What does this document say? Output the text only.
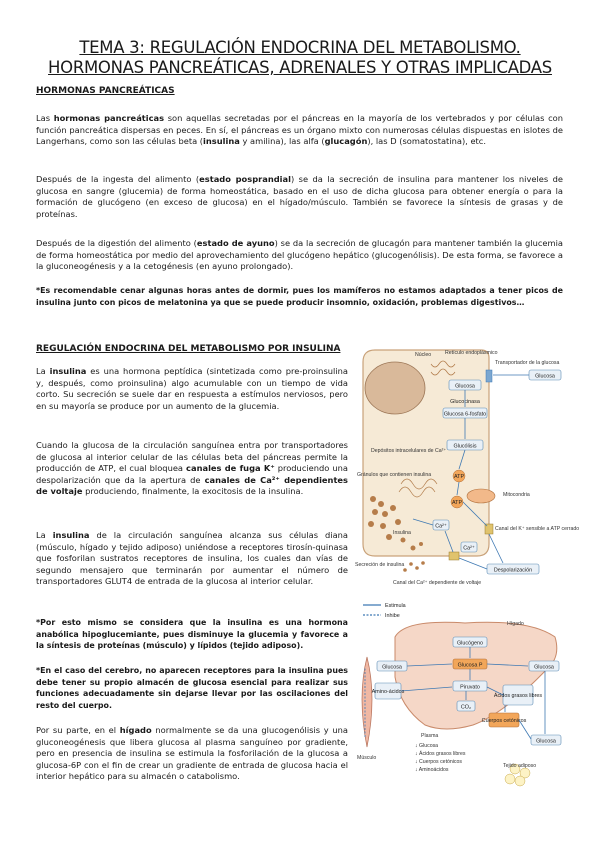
TEMA 3: REGULACIÓN ENDOCRINA DEL METABOLISMO.
HORMONAS PANCREÁTICAS, ADRENALES Y OTRAS IMPLICADAS
HORMONAS PANCREÁTICAS
Las hormonas pancreáticas son aquellas secretadas por el páncreas en la mayoría de los vertebrados y por células con función pancreática dispersas en peces. En sí, el páncreas es un órgano mixto con numerosas células dispuestas en islotes de Langerhans, como son las células beta (insulina y amilina), las alfa (glucagón), las D (somatostatina), etc.
Después de la ingesta del alimento (estado posprandial) se da la secreción de insulina para mantener los niveles de glucosa en sangre (glucemia) de forma homeostática, basado en el uso de dicha glucosa para obtener energía o para la formación de glucógeno (en exceso de glucosa) en el hígado/músculo. También se favorece la síntesis de grasas y de proteínas.
Después de la digestión del alimento (estado de ayuno) se da la secreción de glucagón para mantener también la glucemia de forma homeostática por medio del aprovechamiento del glucógeno hepático (glucogenólisis). De esta forma, se favorece a la gluconeogénesis y a la cetogénesis (en ayuno prolongado).
*Es recomendable cenar algunas horas antes de dormir, pues los mamíferos no estamos adaptados a tener picos de insulina junto con picos de melatonina ya que se puede producir insomnio, oxidación, problemas digestivos…
REGULACIÓN ENDOCRINA DEL METABOLISMO POR INSULINA
La insulina es una hormona peptídica (sintetizada como pre-proinsulina y, después, como proinsulina) algo acumulable con un tiempo de vida corto. Su secreción se suele dar en respuesta a estímulos nerviosos, pero en su mayoría se produce por un aumento de la glucemia.
Cuando la glucosa de la circulación sanguínea entra por transportadores de glucosa al interior celular de las células beta del páncreas permite la producción de ATP, el cual bloquea canales de fuga K⁺ produciendo una despolarización que da la apertura de canales de Ca²⁺ dependientes de voltaje produciendo, finalmente, la exocitosis de la insulina.
La insulina de la circulación sanguínea alcanza sus células diana (músculo, hígado y tejido adiposo) uniéndose a receptores tirosín-quinasa que fosforilan sustratos receptores de insulina, los cuales dan vías de segundo mensajero que terminarán por aumentar el número de transportadores GLUT4 de entrada de la glucosa al interior celular.
*Por esto mismo se considera que la insulina es una hormona anabólica hipoglucemiante, pues disminuye la glucemia y favorece a la síntesis de proteínas (músculo) y lípidos (tejido adiposo).
*En el caso del cerebro, no aparecen receptores para la insulina pues debe tener su propio almacén de glucosa esencial para realizar sus funciones adecuadamente sin dejarse llevar por las oscilaciones del resto del cuerpo.
Por su parte, en el hígado normalmente se da una glucogenólisis y una gluconeogénesis que libera glucosa al plasma sanguíneo por gradiente, pero en presencia de insulina se estimula la fosforilación de la glucosa a glucosa-6P con el fin de crear un gradiente de entrada de glucosa hacia el interior hepático para su almacén o catabolismo.
Glucosa
Glucosa
Glucocinasa
Glucosa 6-fosfato
Glucólisis
ATP
ATP
Ca²⁺
Ca²⁺
Despolarización
Núcleo	Retículo endoplásmico
Transportador de la glucosa
Depósitos intracelulares de Ca²⁺
Mitocondria
Gránulos que contienen insulina
Insulina
Canal del K⁺ sensible a ATP cerrado
Secreción de insulina
Canal del Ca²⁺ dependiente de voltaje
Estimula
Inhibe
Hígado
Músculo
Tejido adiposo
Glucógeno
Glucosa P
Glucosa	Glucosa
Piruvato
Amino-ácidos
CO₂
Ácidos grasos libres
Cuerpos cetónicos
Glucosa
Plasma
↓ Glucosa
↓ Ácidos grasos libres
↓ Cuerpos cetónicos
↓ Aminoácidos
